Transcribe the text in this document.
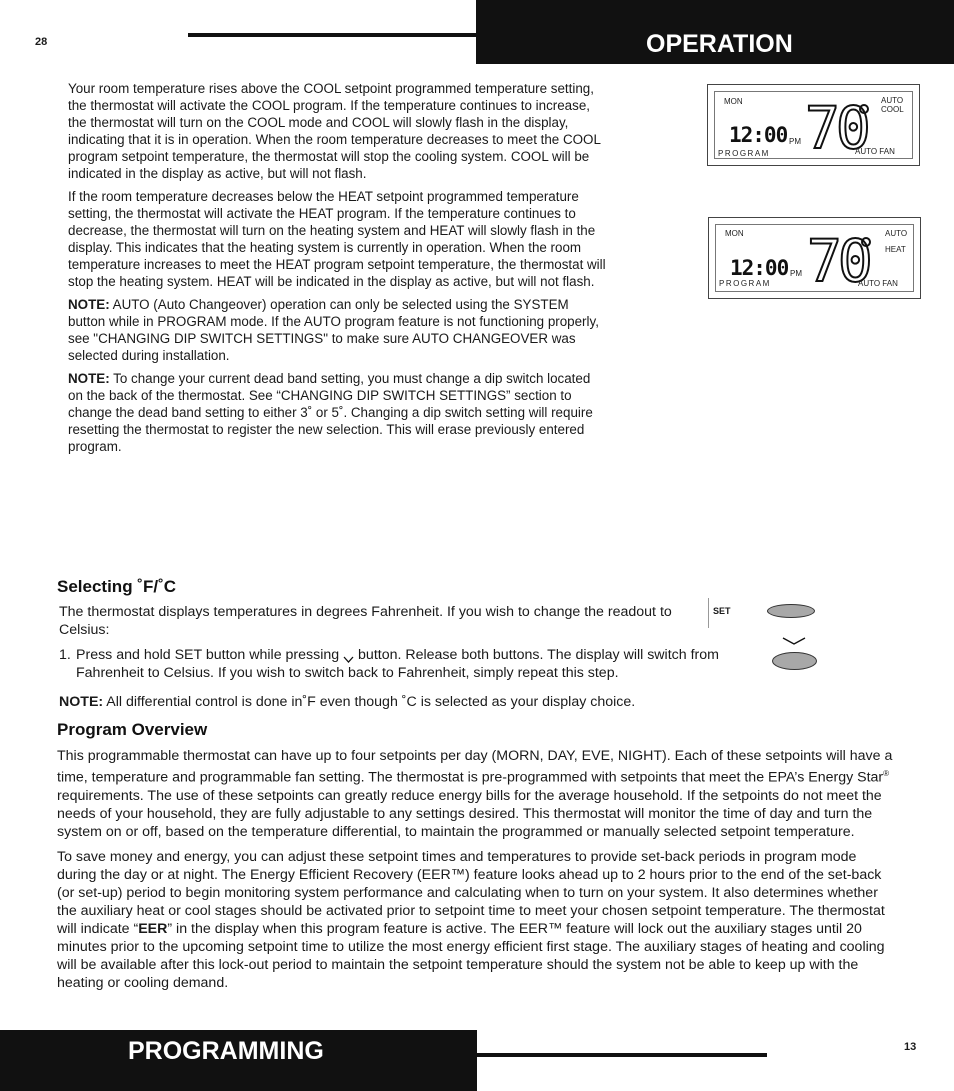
28	OPERATION

Your room temperature rises above the COOL setpoint programmed temperature setting, the thermostat will activate the COOL program. If the temperature continues to increase, the thermostat will turn on the COOL mode and COOL will slowly flash in the display, indicating that it is in operation. When the room temperature decreases to meet the COOL program setpoint temperature, the thermostat will stop the cooling system. COOL will be indicated in the display as active, but will not flash.

If the room temperature decreases below the HEAT setpoint programmed temperature setting, the thermostat will activate the HEAT program. If the temperature continues to decrease, the thermostat will turn on the heating system and HEAT will slowly flash in the display. This indicates that the heating system is currently in operation. When the room temperature increases to meet the HEAT program setpoint temperature, the thermostat will stop the heating system. HEAT will be indicated in the display as active, but will not flash.

NOTE: AUTO (Auto Changeover) operation can only be selected using the SYSTEM button while in PROGRAM mode. If the AUTO program feature is not functioning properly, see "CHANGING DIP SWITCH SETTINGS" to make sure AUTO CHANGEOVER was selected during installation.

NOTE: To change your current dead band setting, you must change a dip switch located on the back of the thermostat. See “CHANGING DIP SWITCH SETTINGS” section to change the dead band setting to either 3˚ or 5˚. Changing a dip switch setting will require resetting the thermostat to register the new selection. This will erase previously entered program.

MON	AUTO
COOL
12:00 PM 70
PROGRAM	AUTO FAN
MON	AUTO
HEAT
12:00 PM 70
PROGRAM	AUTO FAN
Selecting ˚F/˚C
The thermostat displays temperatures in degrees Fahrenheit. If you wish to change the readout to Celsius:
1. Press and hold SET button while pressing  button. Release both buttons. The display will switch from Fahrenheit to Celsius. If you wish to switch back to Fahrenheit, simply repeat this step.
NOTE: All differential control is done in˚F even though ˚C is selected as your display choice.
SET
Program Overview

This programmable thermostat can have up to four setpoints per day (MORN, DAY, EVE, NIGHT). Each of these setpoints will have a time, temperature and programmable fan setting. The thermostat is pre-programmed with setpoints that meet the EPA’s Energy Star® requirements. The use of these setpoints can greatly reduce energy bills for the average household. If the setpoints do not meet the needs of your household, they are fully adjustable to any settings desired. This thermostat will monitor the time of day and turn the system on or off, based on the temperature differential, to maintain the programmed or manually selected setpoint temperature.

To save money and energy, you can adjust these setpoint times and temperatures to provide set-back periods in program mode during the day or at night. The Energy Efficient Recovery (EER™) feature looks ahead up to 2 hours prior to the end of the set-back (or set-up) period to begin monitoring system performance and calculating when to turn on your system. It also determines whether the auxiliary heat or cool stages should be activated prior to setpoint time to meet your chosen setpoint temperature. The thermostat will indicate “EER” in the display when this program feature is active. The EER™ feature will lock out the auxiliary stages until 20 minutes prior to the upcoming setpoint time to utilize the most energy efficient first stage. The auxiliary stages of heating and cooling will be available after this lock-out period to maintain the setpoint temperature should the system not be able to keep up with the heating or cooling demand.

PROGRAMMING	13
